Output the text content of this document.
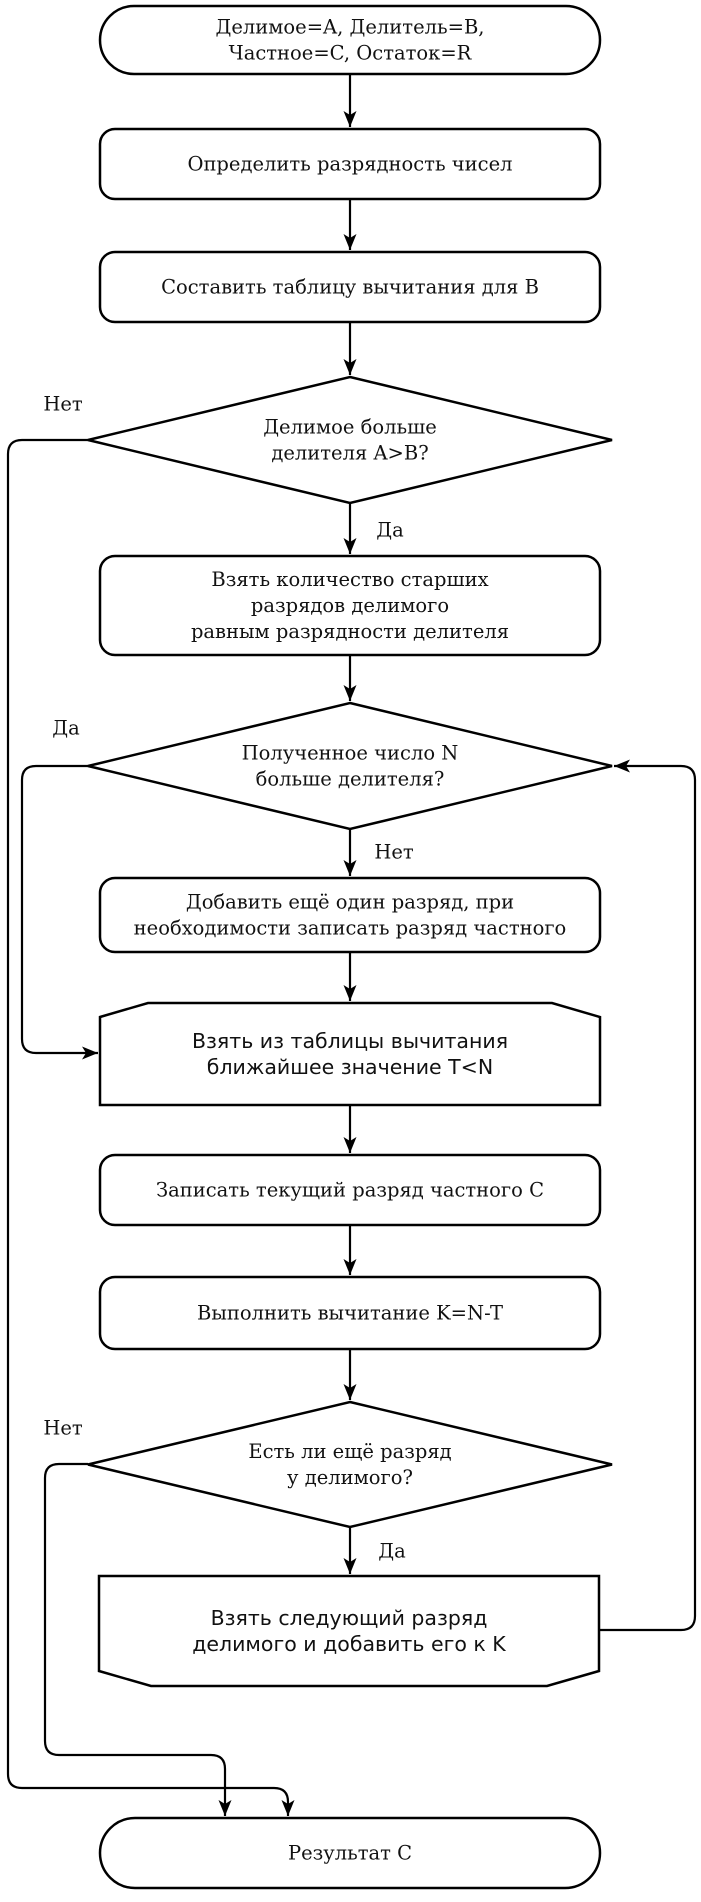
Делимое=A, Делитель=B,
Частное=C, Остаток=R
Определить разрядность чисел
Составить таблицу вычитания для B
Делимое больше
делителя A>B?
Взять количество старших
разрядов делимого
равным разрядности делителя
Полученное число N
больше делителя?
Добавить ещё один разряд, при
необходимости записать разряд частного
Взять из таблицы вычитания
ближайшее значение T<N
Записать текущий разряд частного C
Выполнить вычитание K=N-T
Есть ли ещё разряд
у делимого?
Взять следующий разряд
делимого и добавить его к K
Результат C
Нет
Да
Да
Нет
Нет
Да
